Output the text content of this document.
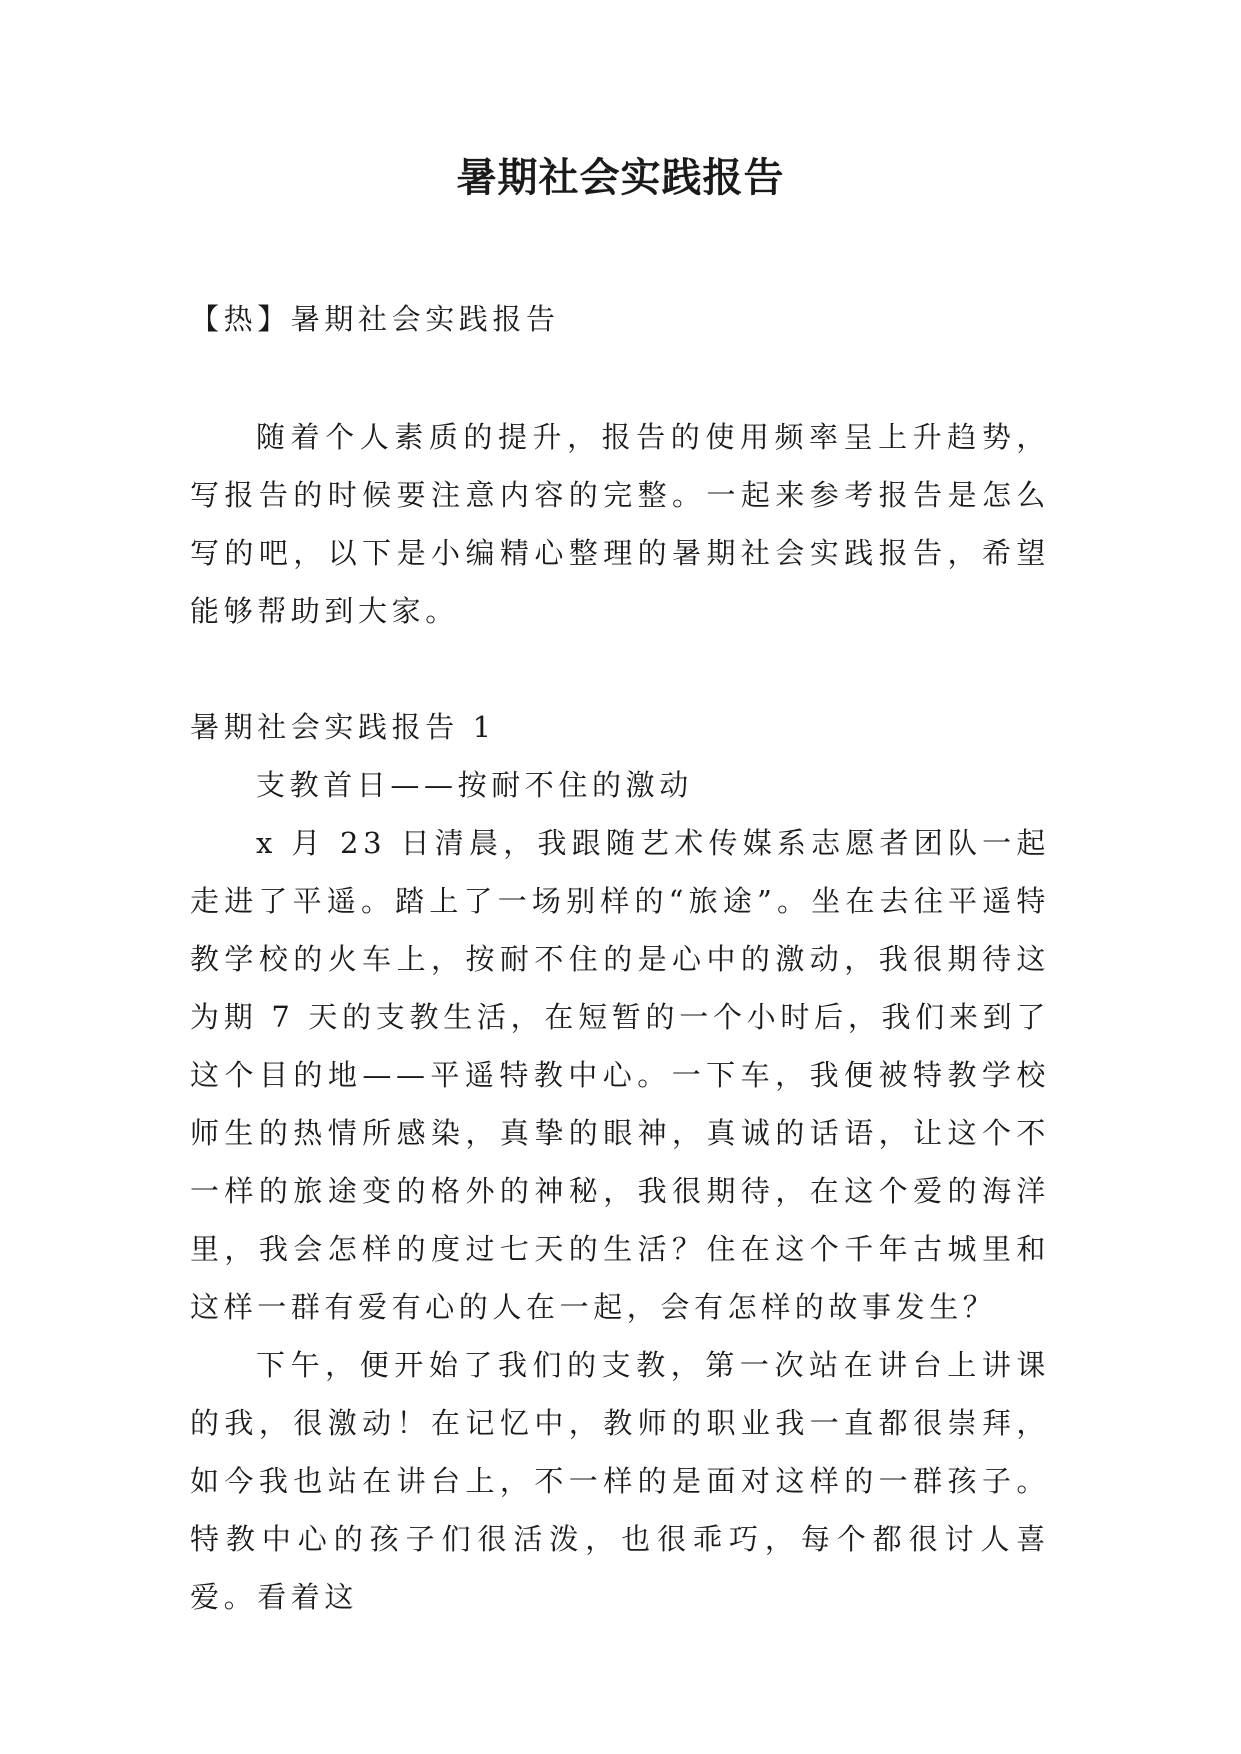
暑期社会实践报告

【热】暑期社会实践报告

随着个人素质的提升，报告的使用频率呈上升趋势，写报告的时候要注意内容的完整。一起来参考报告是怎么写的吧，以下是小编精心整理的暑期社会实践报告，希望能够帮助到大家。

暑期社会实践报告 1

支教首日——按耐不住的激动

x 月 23 日清晨，我跟随艺术传媒系志愿者团队一起走进了平遥。踏上了一场别样的“旅途”。坐在去往平遥特教学校的火车上，按耐不住的是心中的激动，我很期待这为期 7 天的支教生活，在短暂的一个小时后，我们来到了这个目的地——平遥特教中心。一下车，我便被特教学校师生的热情所感染，真挚的眼神，真诚的话语，让这个不一样的旅途变的格外的神秘，我很期待，在这个爱的海洋里，我会怎样的度过七天的生活？住在这个千年古城里和这样一群有爱有心的人在一起，会有怎样的故事发生？

下午，便开始了我们的支教，第一次站在讲台上讲课的我，很激动！在记忆中，教师的职业我一直都很崇拜，如今我也站在讲台上，不一样的是面对这样的一群孩子。特教中心的孩子们很活泼，也很乖巧，每个都很讨人喜爱。看着这
